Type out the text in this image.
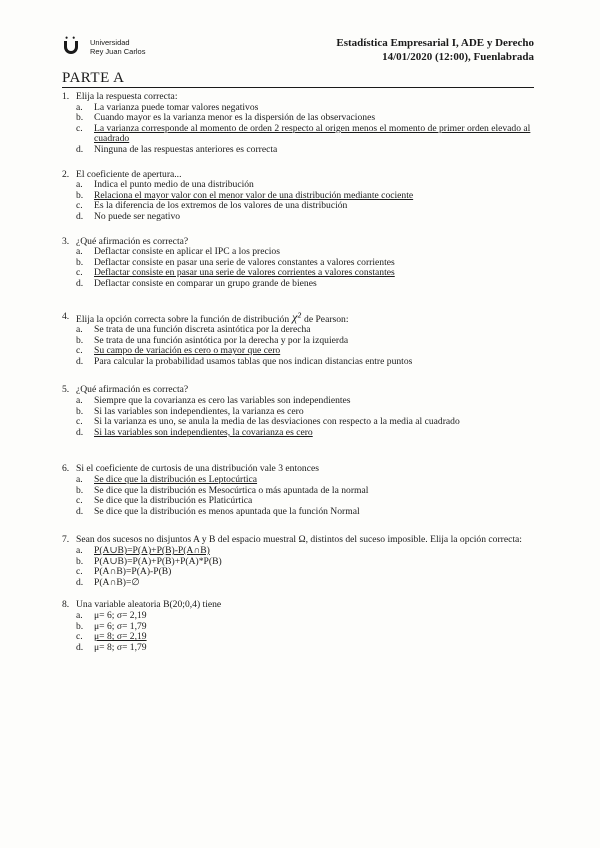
•• Universidad
Rey Juan Carlos
Estadística Empresarial I, ADE y Derecho
14/01/2020 (12:00), Fuenlabrada
PARTE A
1. Elija la respuesta correcta:
a.	La varianza puede tomar valores negativos
b.	Cuando mayor es la varianza menor es la dispersión de las observaciones
c.	La varianza corresponde al momento de orden 2 respecto al origen menos el momento de primer orden elevado al cuadrado
d.	Ninguna de las respuestas anteriores es correcta
2. El coeficiente de apertura...
a.	Indica el punto medio de una distribución
b.	Relaciona el mayor valor con el menor valor de una distribución mediante cociente
c.	Es la diferencia de los extremos de los valores de una distribución
d.	No puede ser negativo
3. ¿Qué afirmación es correcta?
a.	Deflactar consiste en aplicar el IPC a los precios
b.	Deflactar consiste en pasar una serie de valores constantes a valores corrientes
c.	Deflactar consiste en pasar una serie de valores corrientes a valores constantes
d.	Deflactar consiste en comparar un grupo grande de bienes
4. Elija la opción correcta sobre la función de distribución χ² de Pearson:
a.	Se trata de una función discreta asintótica por la derecha
b.	Se trata de una función asintótica por la derecha y por la izquierda
c.	Su campo de variación es cero o mayor que cero
d.	Para calcular la probabilidad usamos tablas que nos indican distancias entre puntos
5. ¿Qué afirmación es correcta?
a.	Siempre que la covarianza es cero las variables son independientes
b.	Si las variables son independientes, la varianza es cero
c.	Si la varianza es uno, se anula la media de las desviaciones con respecto a la media al cuadrado
d.	Si las variables son independientes, la covarianza es cero
6. Si el coeficiente de curtosis de una distribución vale 3 entonces
a.	Se dice que la distribución es Leptocúrtica
b.	Se dice que la distribución es Mesocúrtica o más apuntada de la normal
c.	Se dice que la distribución es Platicúrtica
d.	Se dice que la distribución es menos apuntada que la función Normal
7. Sean dos sucesos no disjuntos A y B del espacio muestral Ω, distintos del suceso imposible. Elija la opción correcta:
a.	P(A∪B)=P(A)+P(B)-P(A∩B)
b.	P(A∪B)=P(A)+P(B)+P(A)*P(B)
c.	P(A∩B)=P(A)-P(B)
d.	P(A∩B)=∅
8. Una variable aleatoria B(20;0,4) tiene
a.	μ= 6; σ= 2,19
b.	μ= 6; σ= 1,79
c.	μ= 8; σ= 2,19
d.	μ= 8; σ= 1,79
